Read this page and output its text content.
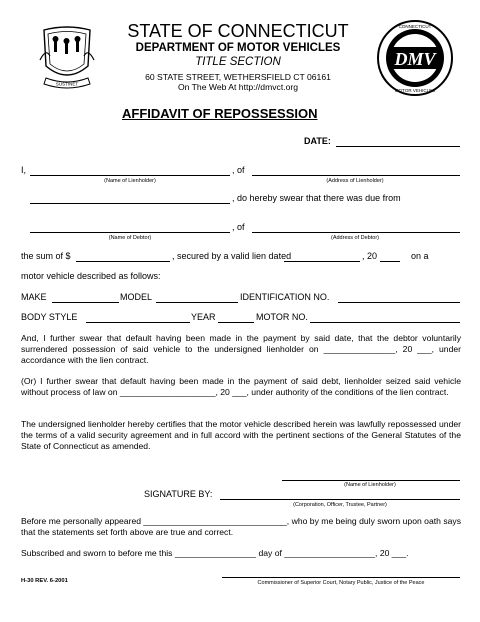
SUSTINET
DMV
CONNECTICUT
MOTOR VEHICLES
STATE OF CONNECTICUT
DEPARTMENT OF MOTOR VEHICLES
TITLE SECTION
60 STATE STREET, WETHERSFIELD CT 06161
On The Web At http://dmvct.org
AFFIDAVIT OF REPOSSESSION
DATE:
I,	, of
(Name of Lienholder)	(Address of Lienholder)
, do hereby swear that there was due from
, of
(Name of Debtor)	(Address of Debtor)
the sum of $	, secured by a valid lien dated	, 20	on a
motor vehicle described as follows:
MAKE	MODEL	IDENTIFICATION NO.
BODY STYLE	YEAR	MOTOR NO.
And, I further swear that default having been made in the payment by said date, that the debtor voluntarily surrendered possession of said vehicle to the undersigned lienholder on _______________, 20 ___, under accordance with the lien contract.
(Or) I further swear that default having been made in the payment of said debt, lienholder seized said vehicle without process of law on ____________________, 20 ___, under authority of the conditions of the lien contract.
The undersigned lienholder hereby certifies that the motor vehicle described herein was lawfully repossessed under the terms of a valid security agreement and in full accord with the pertinent sections of the General Statutes of the State of Connecticut as amended.
(Name of Lienholder)
SIGNATURE BY:
(Corporation, Officer, Trustee, Partner)
Before me personally appeared ______________________________, who by me being duly sworn upon oath says that the statements set forth above are true and correct.
Subscribed and sworn to before me this _________________ day of ___________________, 20 ___.
H-30 REV. 6-2001	Commissioner of Superior Court, Notary Public, Justice of the Peace
